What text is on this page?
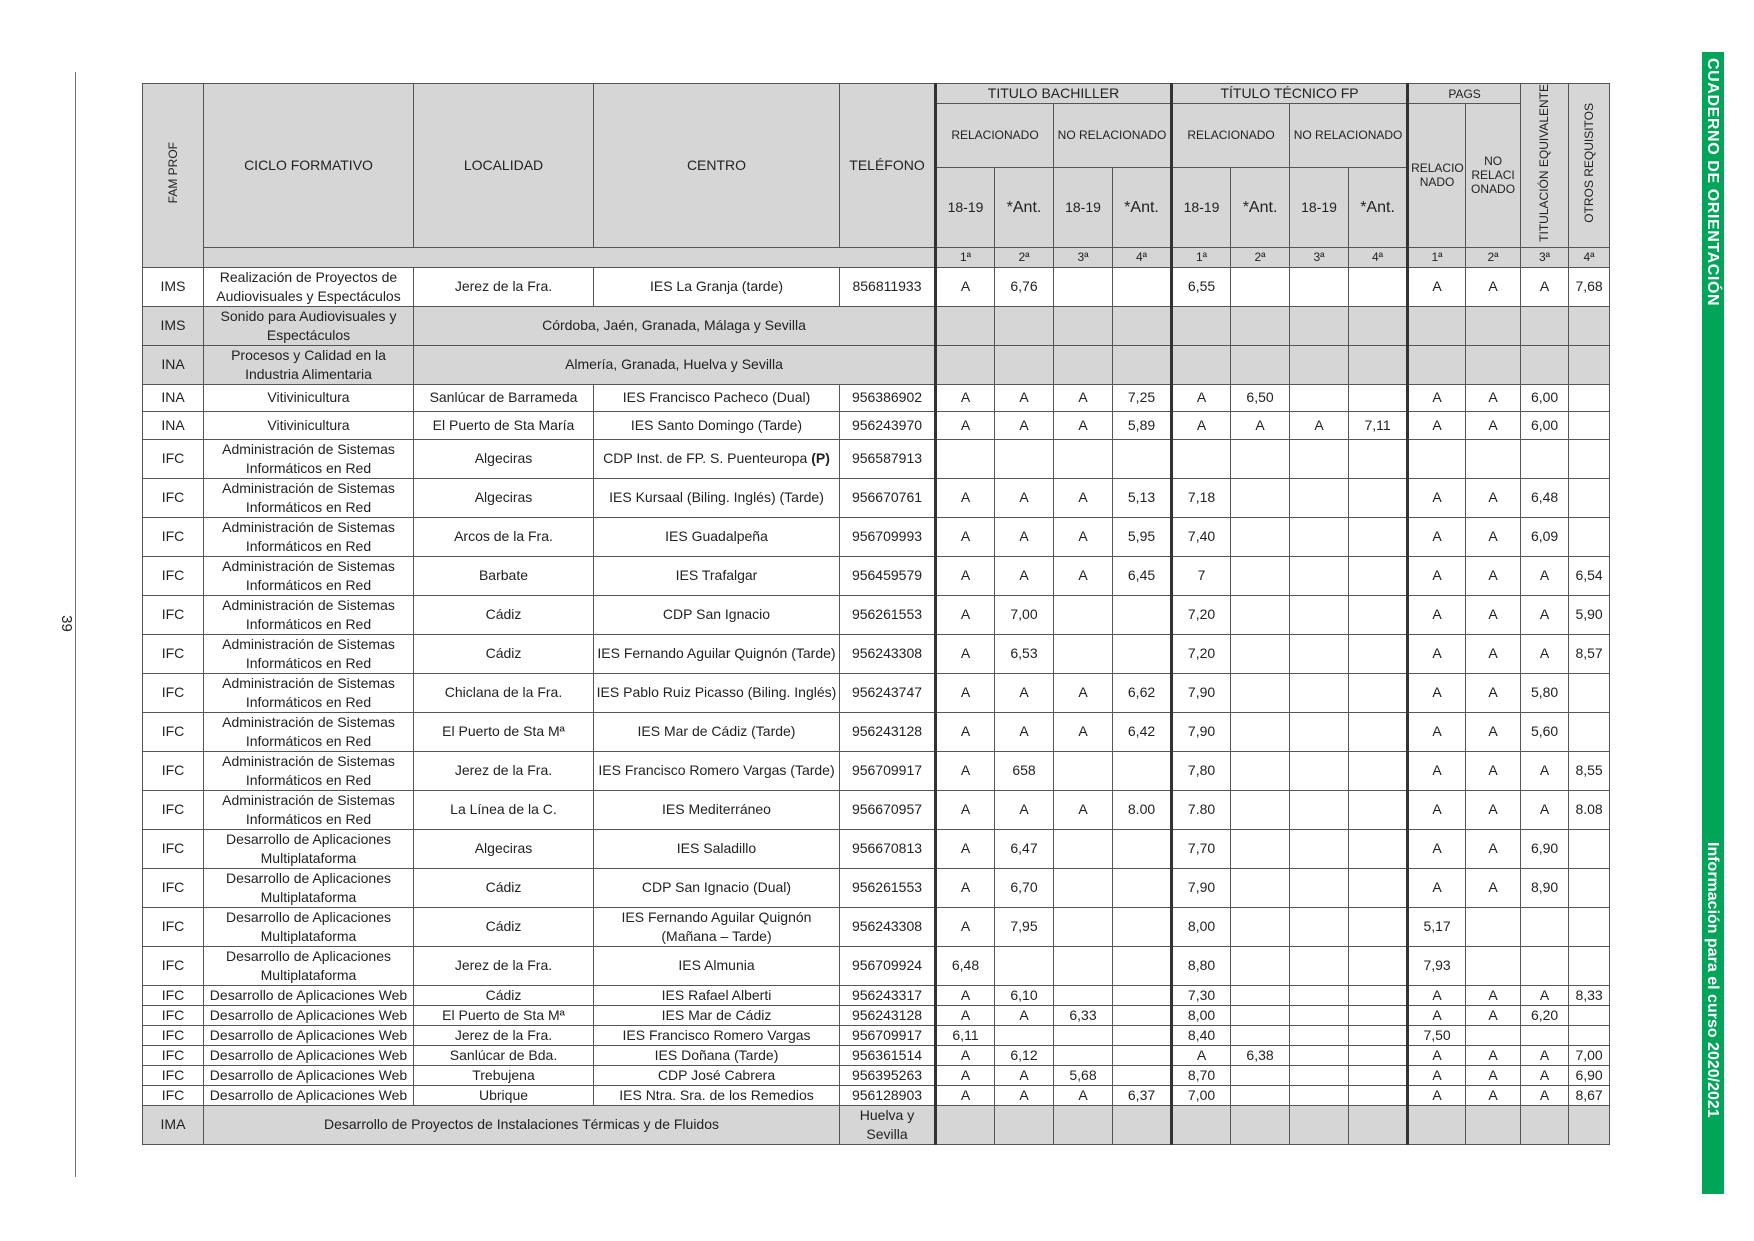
39
CUADERNO DE ORIENTACIÓN
Información para el curso 2020/2021
FAM PROF	CICLO FORMATIVO	LOCALIDAD	CENTRO	TELÉFONO	TITULO BACHILLER				TÍTULO TÉCNICO FP				PAGS		TITULACIÓN EQUIVALENTE	OTROS REQUISITOS
					RELACIONADO		NO RELACIONADO		RELACIONADO		NO RELACIONADO		RELACIO NADO	NO RELACI ONADO		
					18-19	*Ant.	18-19	*Ant.	18-19	*Ant.	18-19	*Ant.				
					1ª	2ª	3ª	4ª	1ª	2ª	3ª	4ª	1ª	2ª	3ª	4ª
IMS	Realización de Proyectos de Audiovisuales y Espectáculos	Jerez de la Fra.	IES La Granja (tarde)	856811933	A	6,76			6,55				A	A	A	7,68
IMS	Sonido para Audiovisuales y Espectáculos	Córdoba, Jaén, Granada, Málaga y Sevilla														
INA	Procesos y Calidad en la Industria Alimentaria	Almería, Granada, Huelva y Sevilla														
INA	Vitivinicultura	Sanlúcar de Barrameda	IES Francisco Pacheco (Dual)	956386902	A	A	A	7,25	A	6,50			A	A	6,00	
INA	Vitivinicultura	El Puerto de Sta María	IES Santo Domingo (Tarde)	956243970	A	A	A	5,89	A	A	A	7,11	A	A	6,00	
IFC	Administración de Sistemas Informáticos en Red	Algeciras	CDP Inst. de FP. S. Puenteuropa (P)	956587913												
IFC	Administración de Sistemas Informáticos en Red	Algeciras	IES Kursaal (Biling. Inglés) (Tarde)	956670761	A	A	A	5,13	7,18				A	A	6,48	
IFC	Administración de Sistemas Informáticos en Red	Arcos de la Fra.	IES Guadalpeña	956709993	A	A	A	5,95	7,40				A	A	6,09	
IFC	Administración de Sistemas Informáticos en Red	Barbate	IES Trafalgar	956459579	A	A	A	6,45	7				A	A	A	6,54
IFC	Administración de Sistemas Informáticos en Red	Cádiz	CDP San Ignacio	956261553	A	7,00			7,20				A	A	A	5,90
IFC	Administración de Sistemas Informáticos en Red	Cádiz	IES Fernando Aguilar Quignón (Tarde)	956243308	A	6,53			7,20				A	A	A	8,57
IFC	Administración de Sistemas Informáticos en Red	Chiclana de la Fra.	IES Pablo Ruiz Picasso (Biling. Inglés)	956243747	A	A	A	6,62	7,90				A	A	5,80	
IFC	Administración de Sistemas Informáticos en Red	El Puerto de Sta Mª	IES Mar de Cádiz (Tarde)	956243128	A	A	A	6,42	7,90				A	A	5,60	
IFC	Administración de Sistemas Informáticos en Red	Jerez de la Fra.	IES Francisco Romero Vargas (Tarde)	956709917	A	658			7,80				A	A	A	8,55
IFC	Administración de Sistemas Informáticos en Red	La Línea de la C.	IES Mediterráneo	956670957	A	A	A	8.00	7.80				A	A	A	8.08
IFC	Desarrollo de Aplicaciones Multiplataforma	Algeciras	IES Saladillo	956670813	A	6,47			7,70				A	A	6,90	
IFC	Desarrollo de Aplicaciones Multiplataforma	Cádiz	CDP San Ignacio (Dual)	956261553	A	6,70			7,90				A	A	8,90	
IFC	Desarrollo de Aplicaciones Multiplataforma	Cádiz	IES Fernando Aguilar Quignón (Mañana – Tarde)	956243308	A	7,95			8,00				5,17			
IFC	Desarrollo de Aplicaciones Multiplataforma	Jerez de la Fra.	IES Almunia	956709924	6,48				8,80				7,93			
IFC	Desarrollo de Aplicaciones Web	Cádiz	IES Rafael Alberti	956243317	A	6,10			7,30				A	A	A	8,33
IFC	Desarrollo de Aplicaciones Web	El Puerto de Sta Mª	IES Mar de Cádiz	956243128	A	A	6,33		8,00				A	A	6,20	
IFC	Desarrollo de Aplicaciones Web	Jerez de la Fra.	IES Francisco Romero Vargas	956709917	6,11				8,40				7,50			
IFC	Desarrollo de Aplicaciones Web	Sanlúcar de Bda.	IES Doñana (Tarde)	956361514	A	6,12			A	6,38			A	A	A	7,00
IFC	Desarrollo de Aplicaciones Web	Trebujena	CDP José Cabrera	956395263	A	A	5,68		8,70				A	A	A	6,90
IFC	Desarrollo de Aplicaciones Web	Ubrique	IES Ntra. Sra. de los Remedios	956128903	A	A	A	6,37	7,00				A	A	A	8,67
IMA	Desarrollo de Proyectos de Instalaciones Térmicas y de Fluidos			Huelva y Sevilla												
